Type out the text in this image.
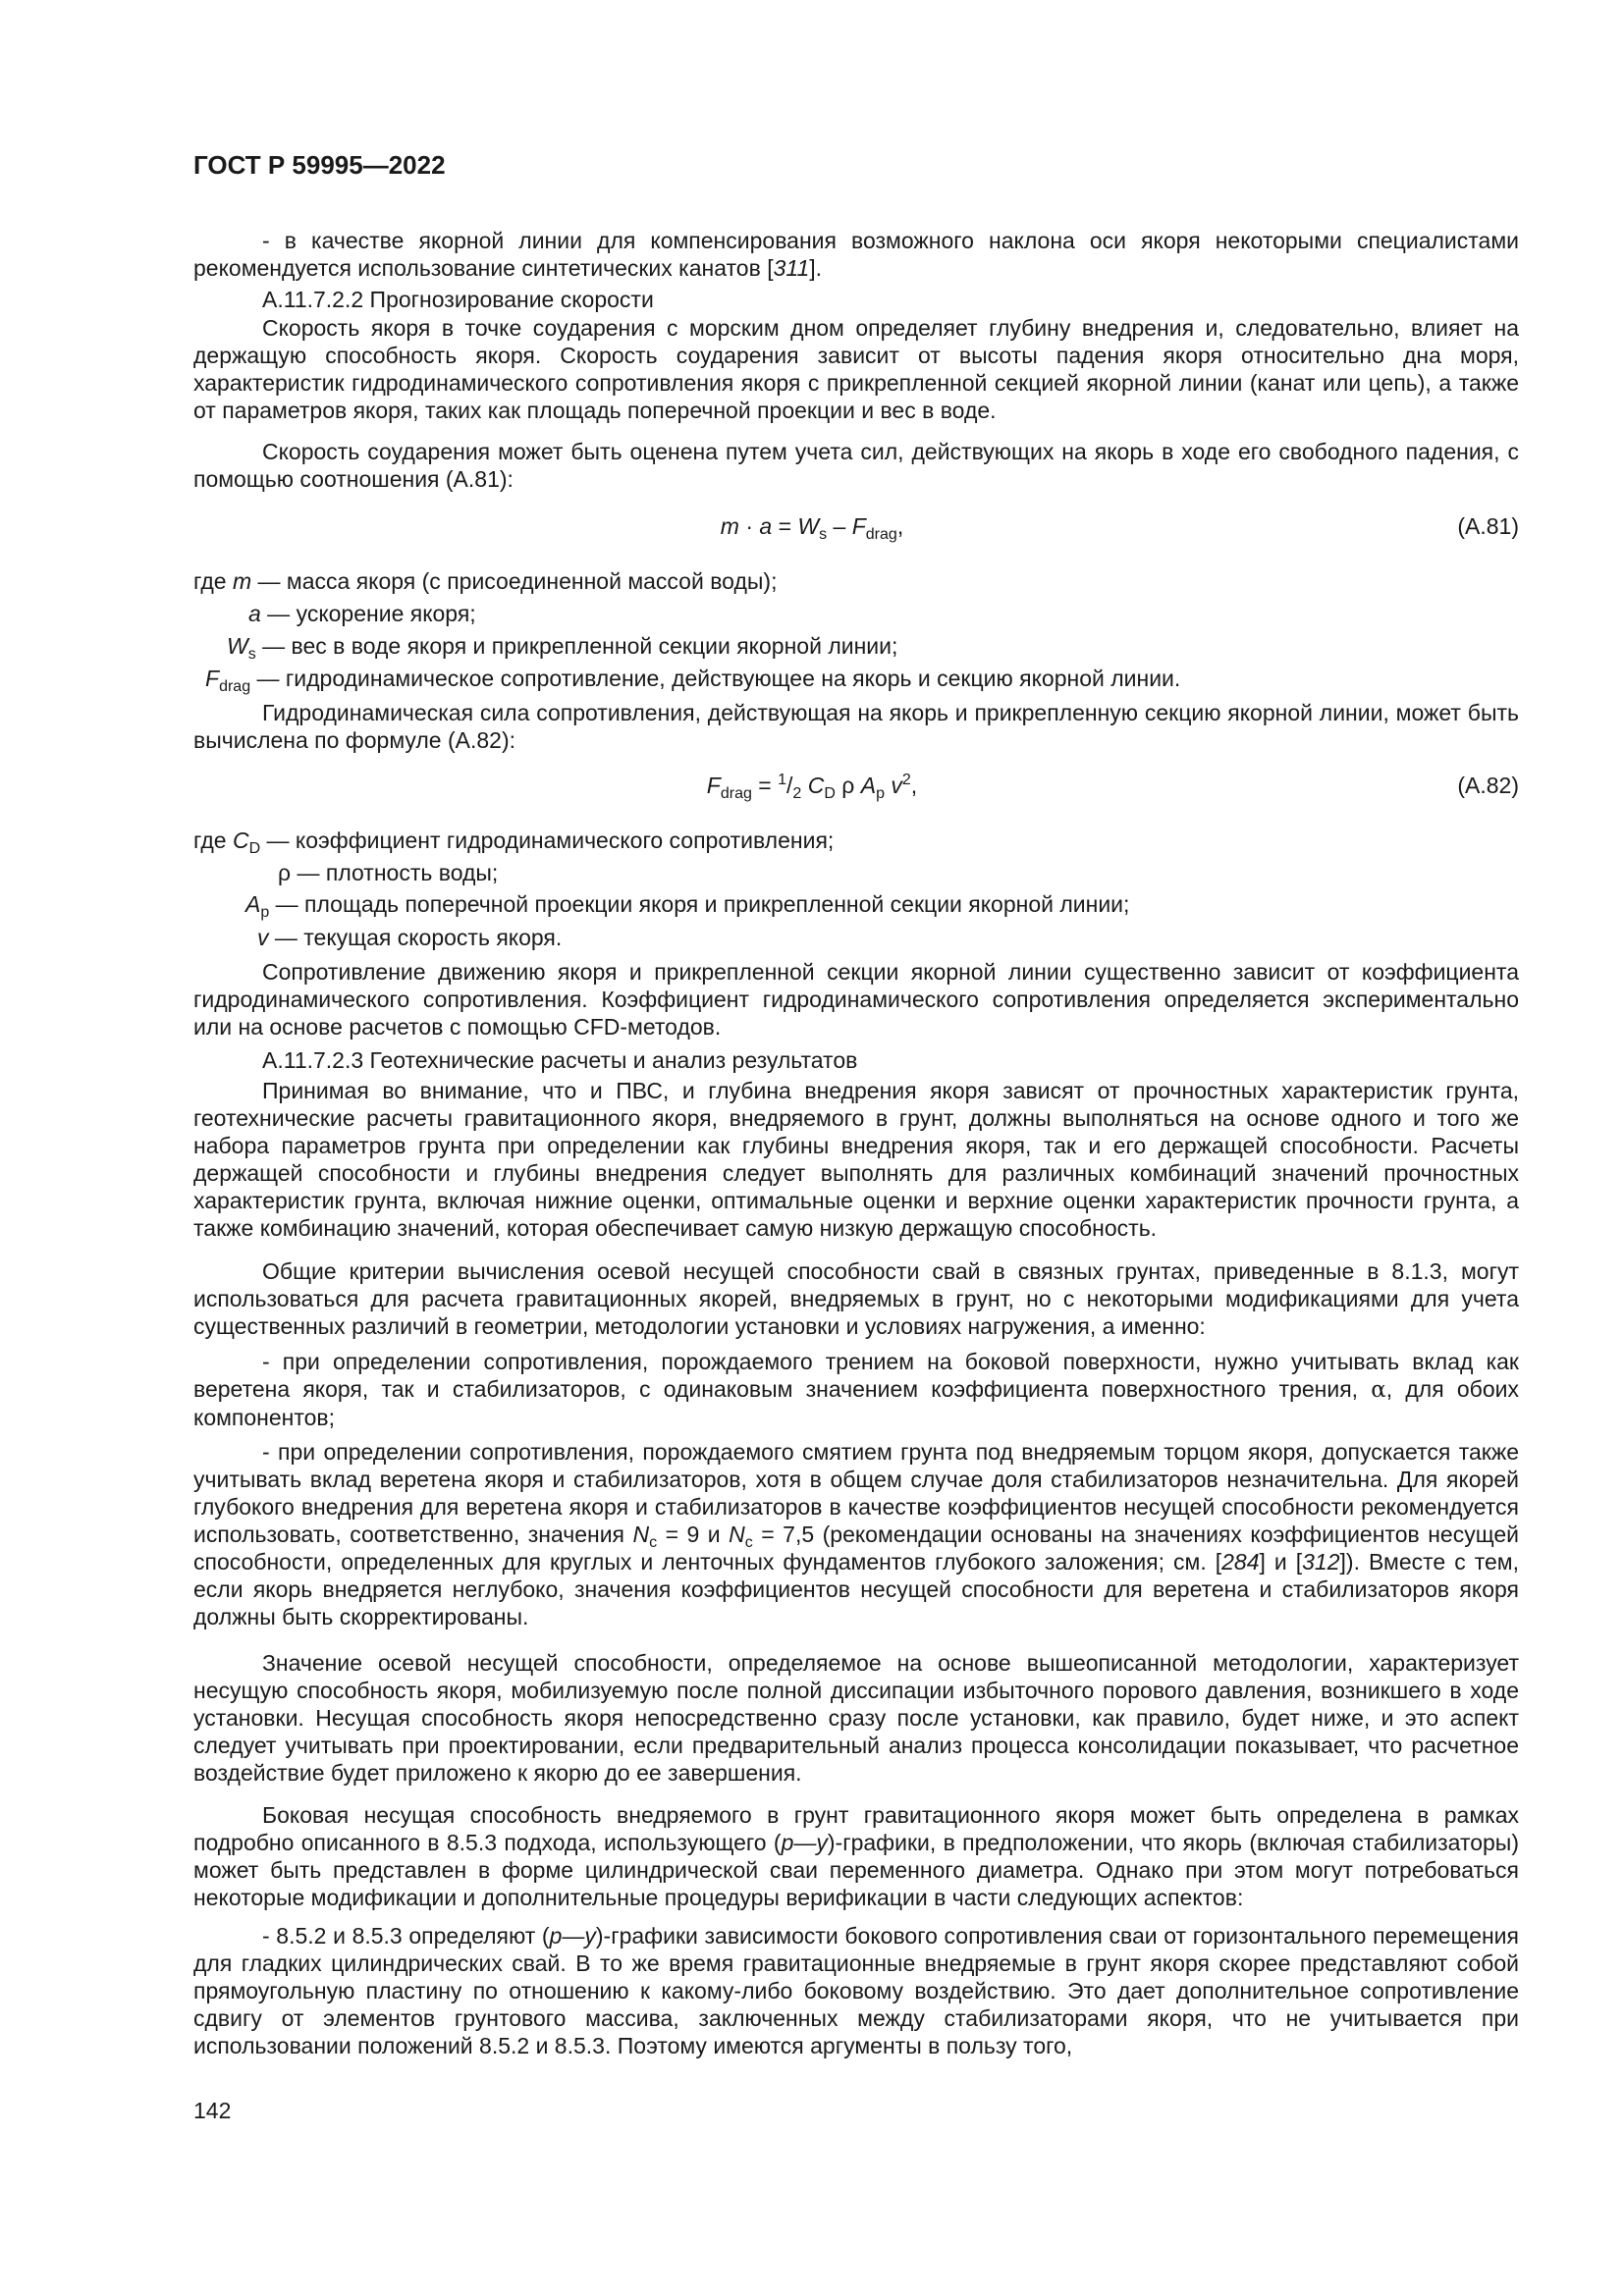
ГОСТ Р 59995—2022

- в качестве якорной линии для компенсирования возможного наклона оси якоря некоторыми специалистами рекомендуется использование синтетических канатов [311].

А.11.7.2.2 Прогнозирование скорости

Скорость якоря в точке соударения с морским дном определяет глубину внедрения и, следовательно, влияет на держащую способность якоря. Скорость соударения зависит от высоты падения якоря относительно дна моря, характеристик гидродинамического сопротивления якоря с прикрепленной секцией якорной линии (канат или цепь), а также от параметров якоря, таких как площадь поперечной проекции и вес в воде.

Скорость соударения может быть оценена путем учета сил, действующих на якорь в ходе его свободного падения, с помощью соотношения (А.81):

$m \cdot a = W_s - F_{drag}$,	(А.81)
где m — масса якоря (с присоединенной массой воды);
a — ускорение якоря;
$W_s$ — вес в воде якоря и прикрепленной секции якорной линии;
$F_{drag}$ — гидродинамическое сопротивление, действующее на якорь и секцию якорной линии.

Гидродинамическая сила сопротивления, действующая на якорь и прикрепленную секцию якорной линии, может быть вычислена по формуле (А.82):

$F_{drag} = ^1/_2$ $C_D$ ρ $A_p$ $v^2$,	(А.82)
где $C_D$ — коэффициент гидродинамического сопротивления;
ρ — плотность воды;
$A_p$ — площадь поперечной проекции якоря и прикрепленной секции якорной линии;
v — текущая скорость якоря.

Сопротивление движению якоря и прикрепленной секции якорной линии существенно зависит от коэффициента гидродинамического сопротивления. Коэффициент гидродинамического сопротивления определяется экспериментально или на основе расчетов с помощью CFD-методов.

А.11.7.2.3 Геотехнические расчеты и анализ результатов

Принимая во внимание, что и ПВС, и глубина внедрения якоря зависят от прочностных характеристик грунта, геотехнические расчеты гравитационного якоря, внедряемого в грунт, должны выполняться на основе одного и того же набора параметров грунта при определении как глубины внедрения якоря, так и его держащей способности. Расчеты держащей способности и глубины внедрения следует выполнять для различных комбинаций значений прочностных характеристик грунта, включая нижние оценки, оптимальные оценки и верхние оценки характеристик прочности грунта, а также комбинацию значений, которая обеспечивает самую низкую держащую способность.

Общие критерии вычисления осевой несущей способности свай в связных грунтах, приведенные в 8.1.3, могут использоваться для расчета гравитационных якорей, внедряемых в грунт, но с некоторыми модификациями для учета существенных различий в геометрии, методологии установки и условиях нагружения, а именно:

- при определении сопротивления, порождаемого трением на боковой поверхности, нужно учитывать вклад как веретена якоря, так и стабилизаторов, с одинаковым значением коэффициента поверхностного трения, α, для обоих компонентов;

- при определении сопротивления, порождаемого смятием грунта под внедряемым торцом якоря, допускается также учитывать вклад веретена якоря и стабилизаторов, хотя в общем случае доля стабилизаторов незначительна. Для якорей глубокого внедрения для веретена якоря и стабилизаторов в качестве коэффициентов несущей способности рекомендуется использовать, соответственно, значения $N_c = 9$ и $N_c = 7,5$ (рекомендации основаны на значениях коэффициентов несущей способности, определенных для круглых и ленточных фундаментов глубокого заложения; см. [284] и [312]). Вместе с тем, если якорь внедряется неглубоко, значения коэффициентов несущей способности для веретена и стабилизаторов якоря должны быть скорректированы.

Значение осевой несущей способности, определяемое на основе вышеописанной методологии, характеризует несущую способность якоря, мобилизуемую после полной диссипации избыточного порового давления, возникшего в ходе установки. Несущая способность якоря непосредственно сразу после установки, как правило, будет ниже, и это аспект следует учитывать при проектировании, если предварительный анализ процесса консолидации показывает, что расчетное воздействие будет приложено к якорю до ее завершения.

Боковая несущая способность внедряемого в грунт гравитационного якоря может быть определена в рамках подробно описанного в 8.5.3 подхода, использующего (p—y)-графики, в предположении, что якорь (включая стабилизаторы) может быть представлен в форме цилиндрической сваи переменного диаметра. Однако при этом могут потребоваться некоторые модификации и дополнительные процедуры верификации в части следующих аспектов:

- 8.5.2 и 8.5.3 определяют (p—y)-графики зависимости бокового сопротивления сваи от горизонтального перемещения для гладких цилиндрических свай. В то же время гравитационные внедряемые в грунт якоря скорее представляют собой прямоугольную пластину по отношению к какому-либо боковому воздействию. Это дает дополнительное сопротивление сдвигу от элементов грунтового массива, заключенных между стабилизаторами якоря, что не учитывается при использовании положений 8.5.2 и 8.5.3. Поэтому имеются аргументы в пользу того,

142
